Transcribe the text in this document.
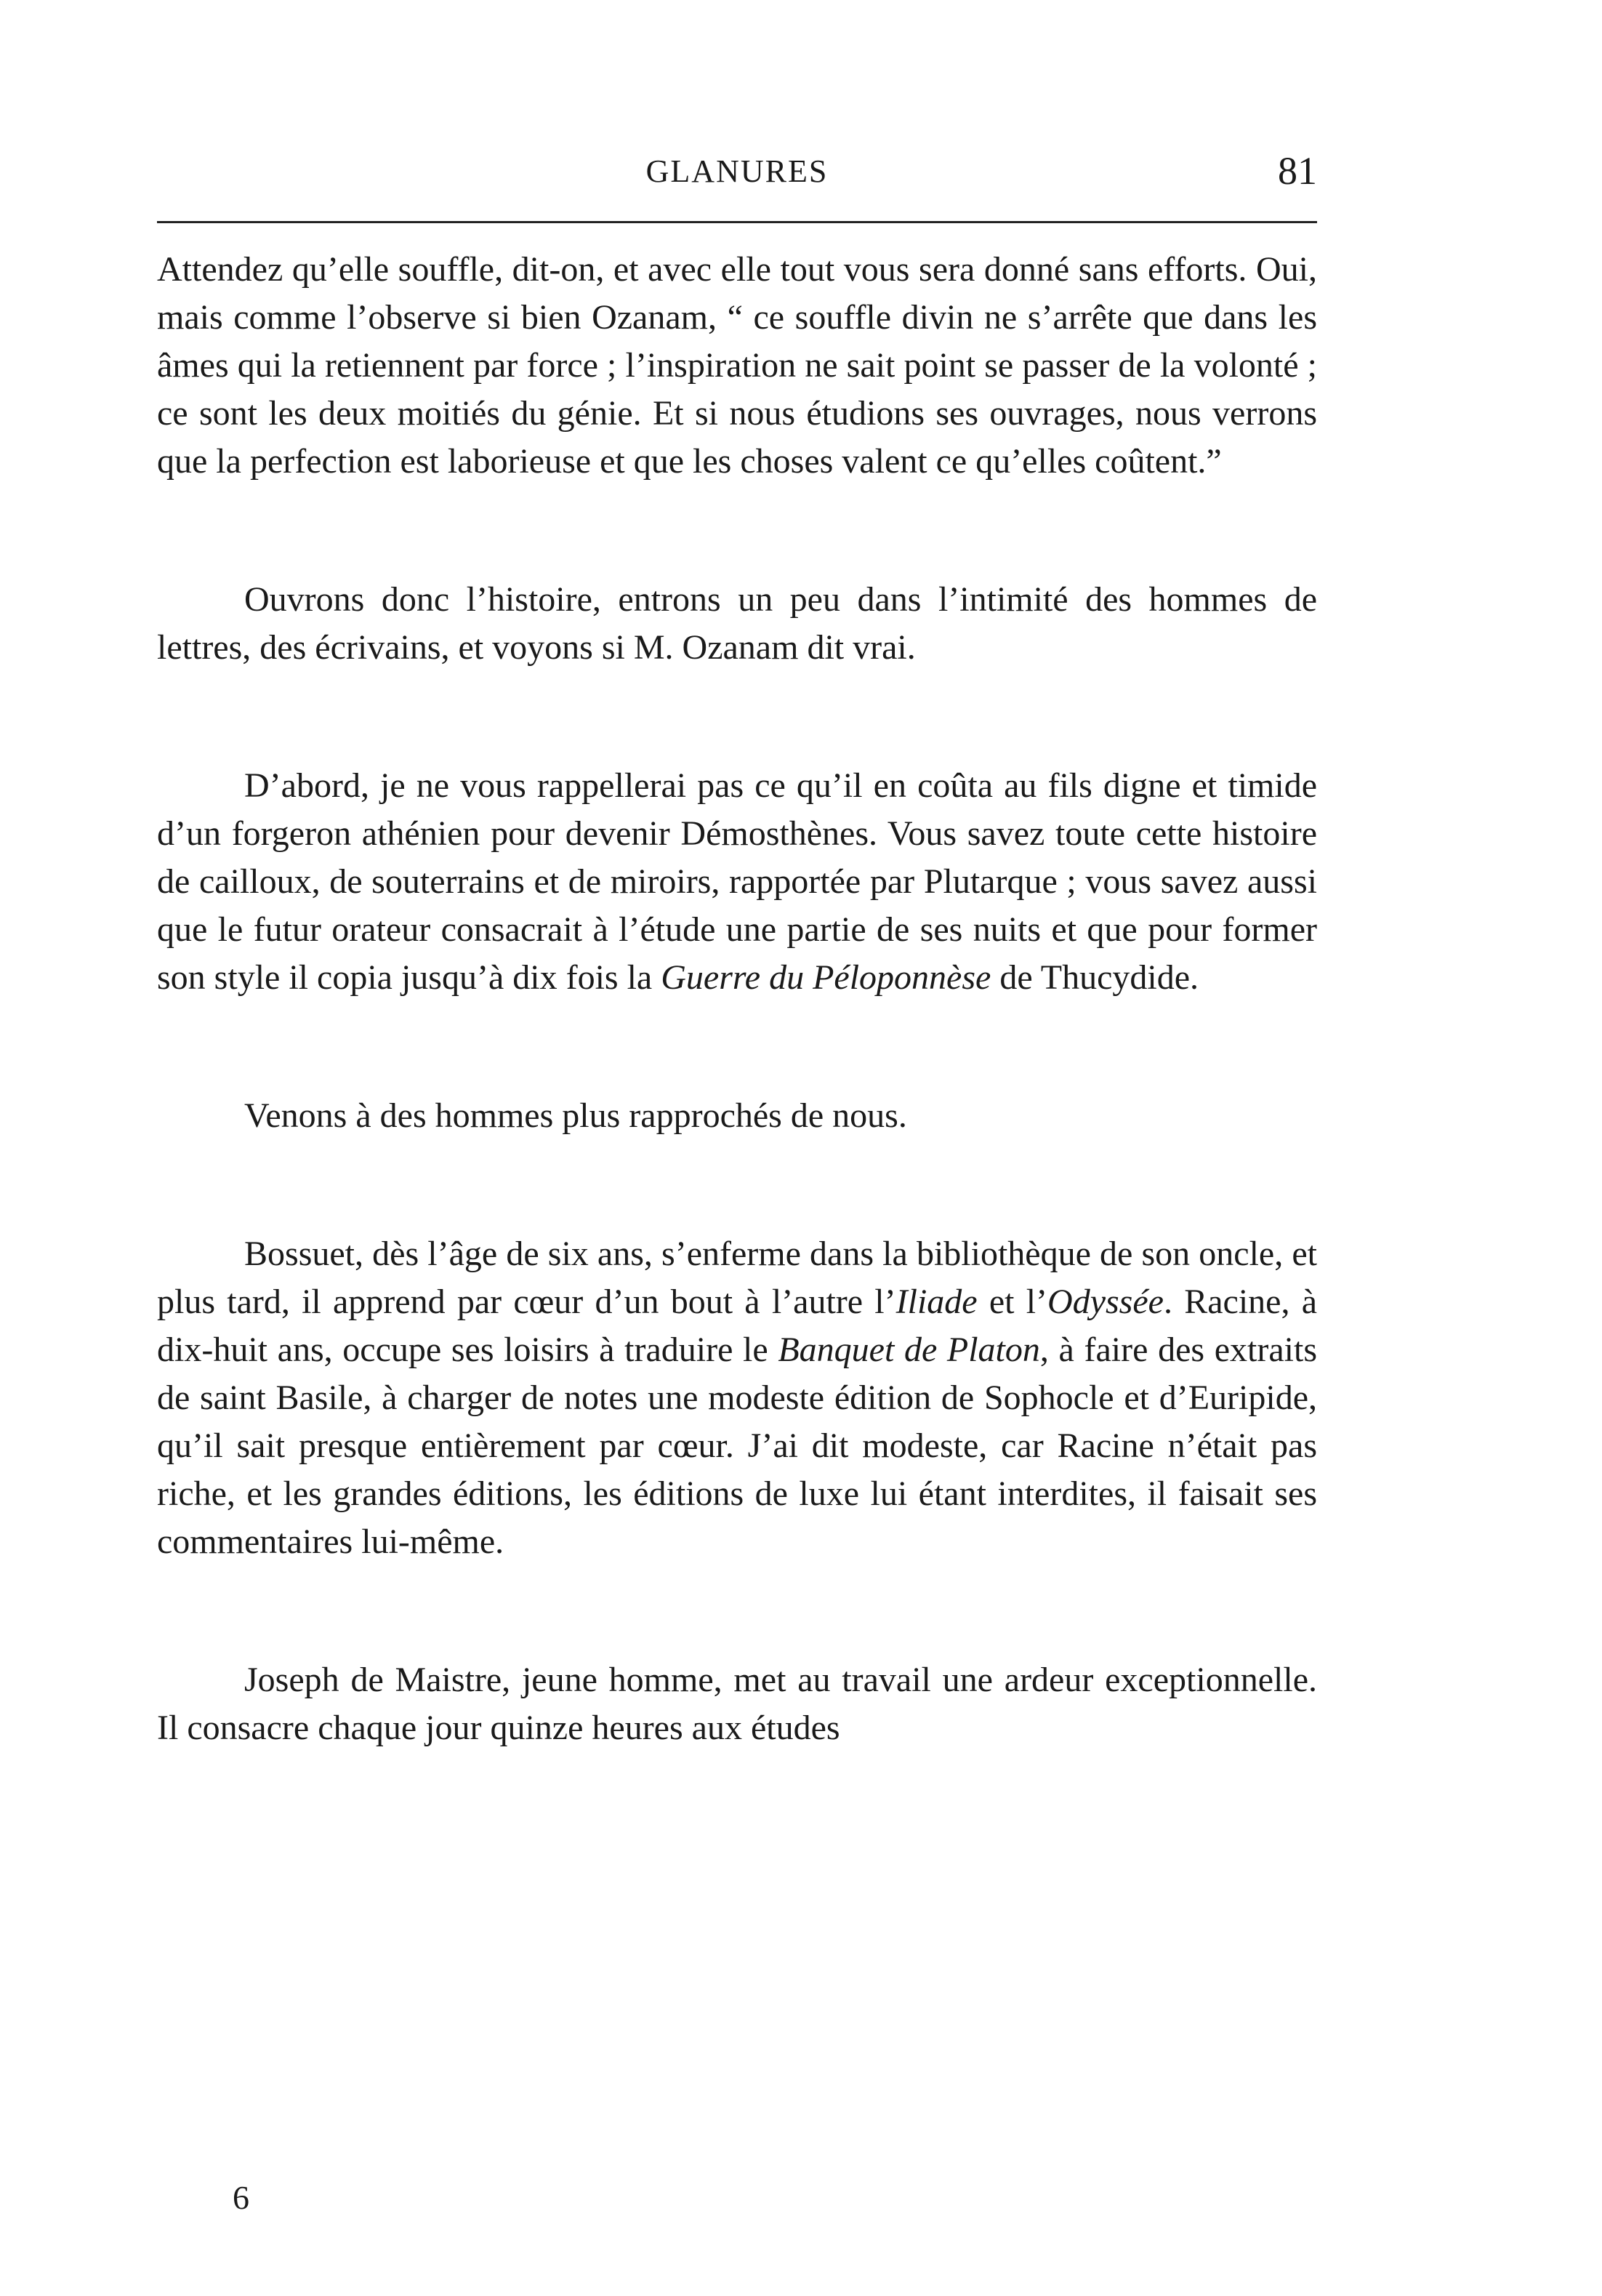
GLANURES	81

Attendez qu’elle souffle, dit-on, et avec elle tout vous sera donné sans efforts. Oui, mais comme l’observe si bien Ozanam, “ ce souffle divin ne s’arrête que dans les âmes qui la retiennent par force ; l’inspiration ne sait point se passer de la volonté ; ce sont les deux moitiés du génie. Et si nous étudions ses ouvrages, nous verrons que la perfection est laborieuse et que les choses valent ce qu’elles coûtent.”

Ouvrons donc l’histoire, entrons un peu dans l’intimité des hommes de lettres, des écrivains, et voyons si M. Ozanam dit vrai.

D’abord, je ne vous rappellerai pas ce qu’il en coûta au fils digne et timide d’un forgeron athénien pour devenir Démosthènes. Vous savez toute cette histoire de cailloux, de souterrains et de miroirs, rapportée par Plutarque ; vous savez aussi que le futur orateur consacrait à l’étude une partie de ses nuits et que pour former son style il copia jusqu’à dix fois la Guerre du Péloponnèse de Thucydide.

Venons à des hommes plus rapprochés de nous.

Bossuet, dès l’âge de six ans, s’enferme dans la bibliothèque de son oncle, et plus tard, il apprend par cœur d’un bout à l’autre l’Iliade et l’Odyssée. Racine, à dix-huit ans, occupe ses loisirs à traduire le Banquet de Platon, à faire des extraits de saint Basile, à charger de notes une modeste édition de Sophocle et d’Euripide, qu’il sait presque entièrement par cœur. J’ai dit modeste, car Racine n’était pas riche, et les grandes éditions, les éditions de luxe lui étant interdites, il faisait ses commentaires lui-même.

Joseph de Maistre, jeune homme, met au travail une ardeur exceptionnelle. Il consacre chaque jour quinze heures aux études

6
